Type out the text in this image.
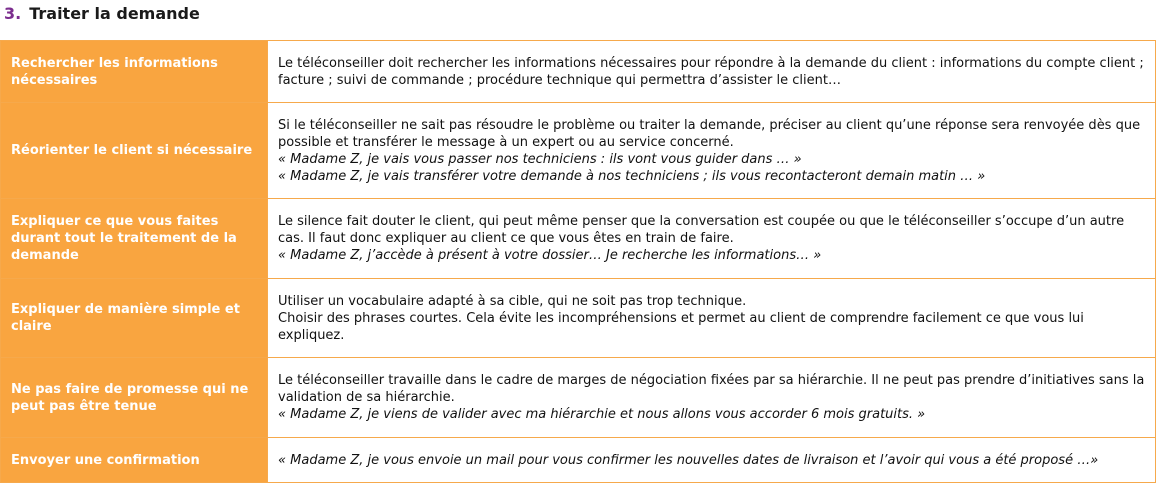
3. Traiter la demande
Rechercher les informations nécessaires	Le téléconseiller doit rechercher les informations nécessaires pour répondre à la demande du client : informations du compte client ; facture ; suivi de commande ; procédure technique qui permettra d’assister le client…

Réorienter le client si nécessaire	Si le téléconseiller ne sait pas résoudre le problème ou traiter la demande, préciser au client qu’une réponse sera renvoyée dès que possible et transférer le message à un expert ou au service concerné.
« Madame Z, je vais vous passer nos techniciens : ils vont vous guider dans … »
« Madame Z, je vais transférer votre demande à nos techniciens ; ils vous recontacteront demain matin … »

Expliquer ce que vous faites durant tout le traitement de la demande	Le silence fait douter le client, qui peut même penser que la conversation est coupée ou que le téléconseiller s’occupe d’un autre cas. Il faut donc expliquer au client ce que vous êtes en train de faire.
« Madame Z, j’accède à présent à votre dossier… Je recherche les informations… »

Expliquer de manière simple et claire	Utiliser un vocabulaire adapté à sa cible, qui ne soit pas trop technique.
Choisir des phrases courtes. Cela évite les incompréhensions et permet au client de comprendre facilement ce que vous lui expliquez.

Ne pas faire de promesse qui ne peut pas être tenue	Le téléconseiller travaille dans le cadre de marges de négociation fixées par sa hiérarchie. Il ne peut pas prendre d’initiatives sans la validation de sa hiérarchie.
« Madame Z, je viens de valider avec ma hiérarchie et nous allons vous accorder 6 mois gratuits. »

Envoyer une confirmation	« Madame Z, je vous envoie un mail pour vous confirmer les nouvelles dates de livraison et l’avoir qui vous a été proposé …»
